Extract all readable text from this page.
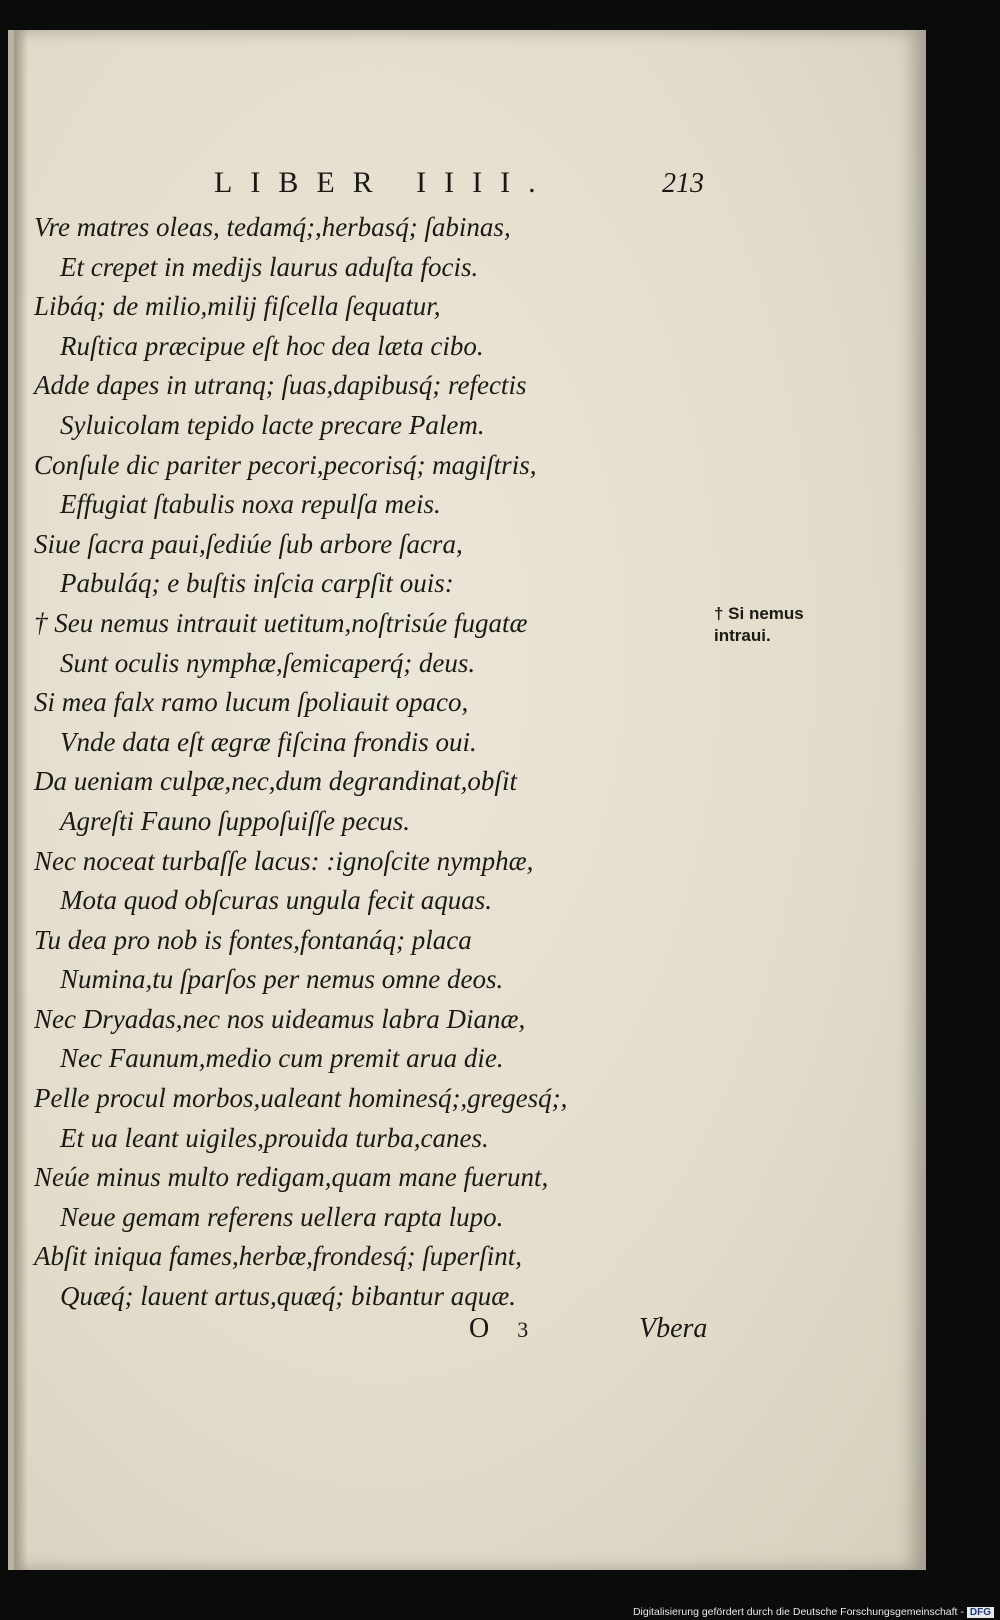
LIBER IIII.	213
Vre matres oleas, tedamq́;,herbasq́; ſabinas,
Et crepet in medijs laurus aduſta focis.
Libáq; de milio,milij fiſcella ſequatur,
Ruſtica præcipue eſt hoc dea læta cibo.
Adde dapes in utranq; ſuas,dapibusq́; refectis
Syluicolam tepido lacte precare Palem.
Conſule dic pariter pecori,pecorisq́; magiſtris,
Effugiat ſtabulis noxa repulſa meis.
Siue ſacra paui,ſediúe ſub arbore ſacra,
Pabuláq; e buſtis inſcia carpſit ouis:
† Seu nemus intrauit uetitum,noſtrisúe fugatæ
Sunt oculis nymphæ,ſemicaperq́; deus.
Si mea falx ramo lucum ſpoliauit opaco,
Vnde data eſt ægræ fiſcina frondis oui.
Da ueniam culpæ,nec,dum degrandinat,obſit
Agreſti Fauno ſuppoſuiſſe pecus.
Nec noceat turbaſſe lacus: :ignoſcite nymphæ,
Mota quod obſcuras ungula fecit aquas.
Tu dea pro nob is fontes,fontanáq; placa
Numina,tu ſparſos per nemus omne deos.
Nec Dryadas,nec nos uideamus labra Dianæ,
Nec Faunum,medio cum premit arua die.
Pelle procul morbos,ualeant hominesq́;,gregesq́;,
Et ua leant uigiles,prouida turba,canes.
Neúe minus multo redigam,quam mane fuerunt,
Neue gemam referens uellera rapta lupo.
Abſit iniqua fames,herbæ,frondesq́; ſuperſint,
Quæq́; lauent artus,quæq́; bibantur aquæ.
† Si nemus
intraui.
O 3	Vbera
Digitalisierung gefördert durch die Deutsche Forschungsgemeinschaft - DFG
